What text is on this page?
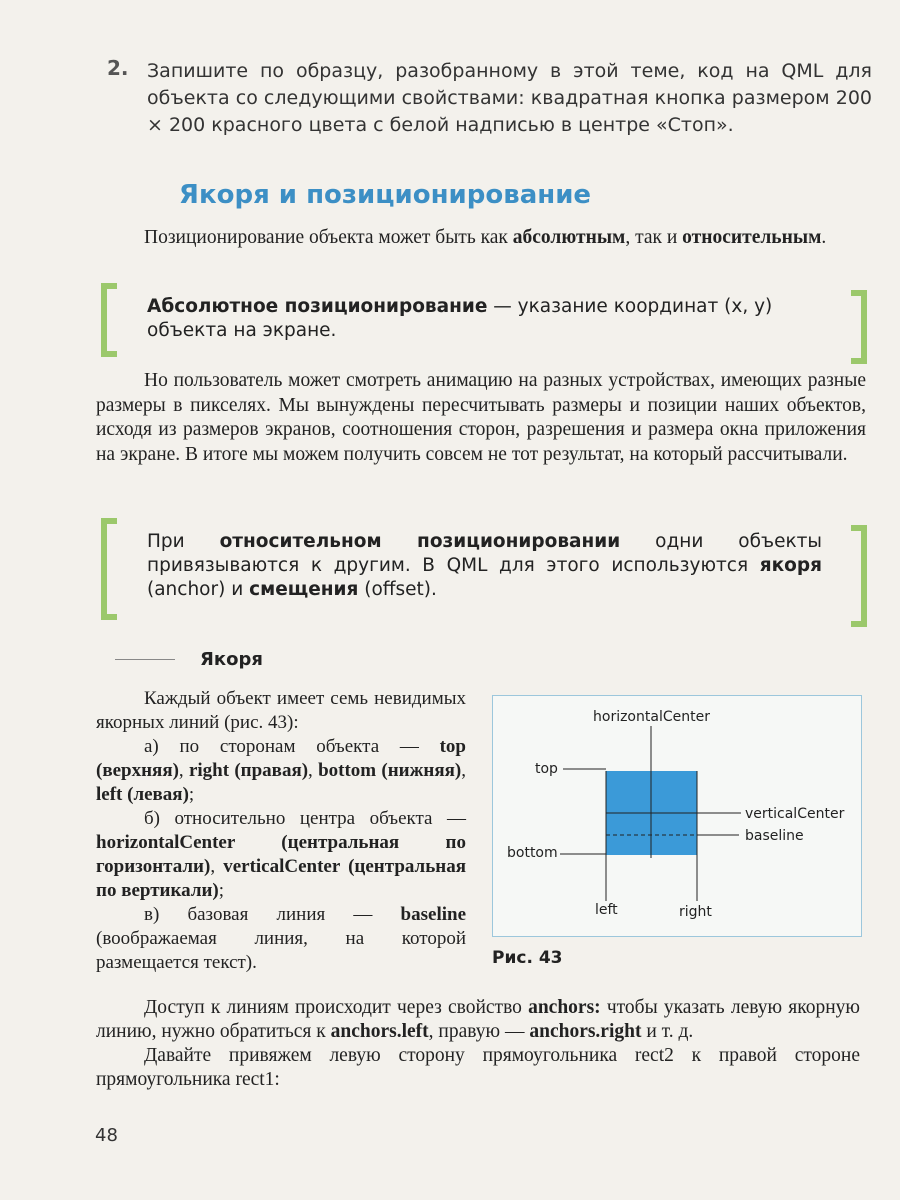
2. Запишите по образцу, разобранному в этой теме, код на QML для объекта со следующими свойствами: квадратная кнопка размером 200 × 200 красного цвета с белой надписью в центре «Стоп».
Якоря и позиционирование
Позиционирование объекта может быть как абсолютным, так и относительным.
Абсолютное позиционирование — указание координат (x, y) объекта на экране.
Но пользователь может смотреть анимацию на разных устройствах, имеющих разные размеры в пикселях. Мы вынуждены пересчитывать размеры и позиции наших объектов, исходя из размеров экранов, соотношения сторон, разрешения и размера окна приложения на экране. В итоге мы можем получить совсем не тот результат, на который рассчитывали.
При относительном позиционировании одни объекты привязываются к другим. В QML для этого используются якоря (anchor) и смещения (offset).
Якоря

Каждый объект имеет семь невидимых якорных линий (рис. 43):

а) по сторонам объекта — top (верхняя), right (правая), bottom (нижняя), left (левая);

б) относительно центра объекта — horizontalCenter (центральная по горизонтали), verticalCenter (центральная по вертикали);

в) базовая линия — baseline (воображаемая линия, на которой размещается текст).

horizontalCenter
top
verticalCenter
baseline
bottom
left	right
Рис. 43

Доступ к линиям происходит через свойство anchors: чтобы указать левую якорную линию, нужно обратиться к anchors.left, правую — anchors.right и т. д.

Давайте привяжем левую сторону прямоугольника rect2 к правой стороне прямоугольника rect1:

48
